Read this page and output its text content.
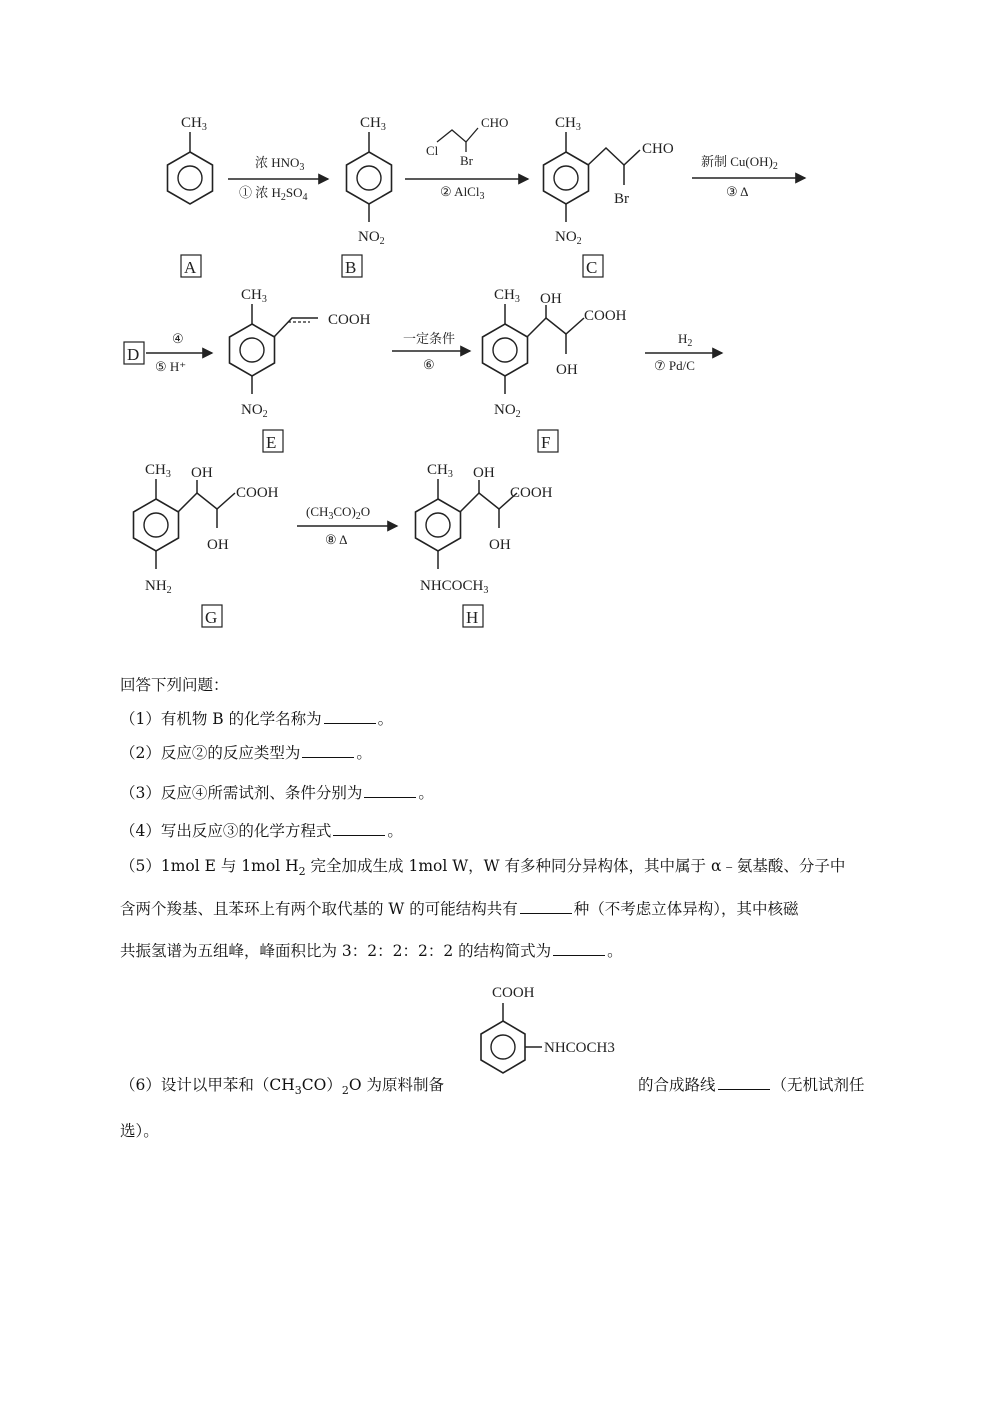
$CH_3$
A
浓 $HNO_3$
① 浓 $H_2SO_4$
$CH_3$
$NO_2$
B
Cl
Br
CHO
② AlCl$_3$
$CH_3$
CHO
Br
$NO_2$
C
新制 $Cu(OH)_2$
③ Δ
D
④
⑤ H⁺
$CH_3$
COOH
$NO_2$
E
一定条件
⑥
$CH_3$ OH
COOH
OH
$NO_2$
F
$H_2$
⑦ Pd/C
$CH_3$ OH
COOH
OH
$NH_2$
G
$(CH_3CO)_2O$
⑧ Δ
$CH_3$ OH
COOH
OH
$NHCOCH_3$
H
回答下列问题：
（1）有机物 B 的化学名称为	。
（2）反应②的反应类型为	。
（3）反应④所需试剂、条件分别为	。
（4）写出反应③的化学方程式	。
（5）1mol E 与 1mol $H_2$ 完全加成生成 1mol W，W 有多种同分异构体，其中属于 α﹣氨基酸、分子中
含两个羧基、且苯环上有两个取代基的 W 的可能结构共有	种（不考虑立体异构），其中核磁
共振氢谱为五组峰，峰面积比为 3：2：2：2：2 的结构简式为	。
COOH
NHCOCH3
（6）设计以甲苯和$(CH_3CO)_2O$ 为原料制备	的合成路线	（无机试剂任
选）。
